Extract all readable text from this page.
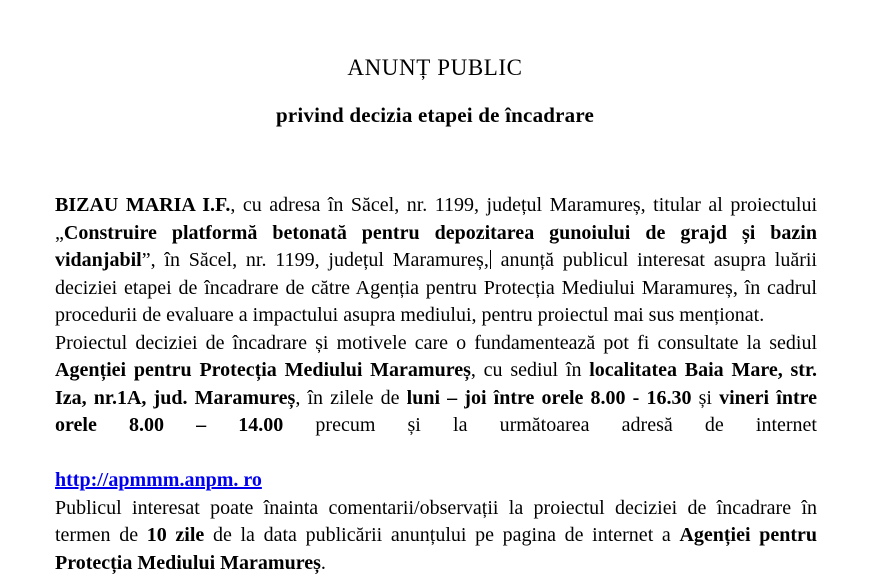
ANUNȚ PUBLIC
privind decizia etapei de încadrare

BIZAU MARIA I.F., cu adresa în Săcel, nr. 1199, județul Maramureș, titular al proiectului „Construire platformă betonată pentru depozitarea gunoiului de grajd și bazin vidanjabil”, în Săcel, nr. 1199, județul Maramureș, anunță publicul interesat asupra luării deciziei etapei de încadrare de către Agenția pentru Protecția Mediului Maramureș, în cadrul procedurii de evaluare a impactului asupra mediului, pentru proiectul mai sus menționat.

Proiectul deciziei de încadrare și motivele care o fundamentează pot fi consultate la sediul Agenției pentru Protecția Mediului Maramureș, cu sediul în localitatea Baia Mare, str. Iza, nr.1A, jud. Maramureș, în zilele de luni – joi între orele 8.00 - 16.30 și vineri între orele 8.00 – 14.00 precum și la următoarea adresă de internethttp://apmmm.anpm. ro

Publicul interesat poate înainta comentarii/observații la proiectul deciziei de încadrare în termen de 10 zile de la data publicării anunțului pe pagina de internet a Agenției pentru Protecția Mediului Maramureș.
